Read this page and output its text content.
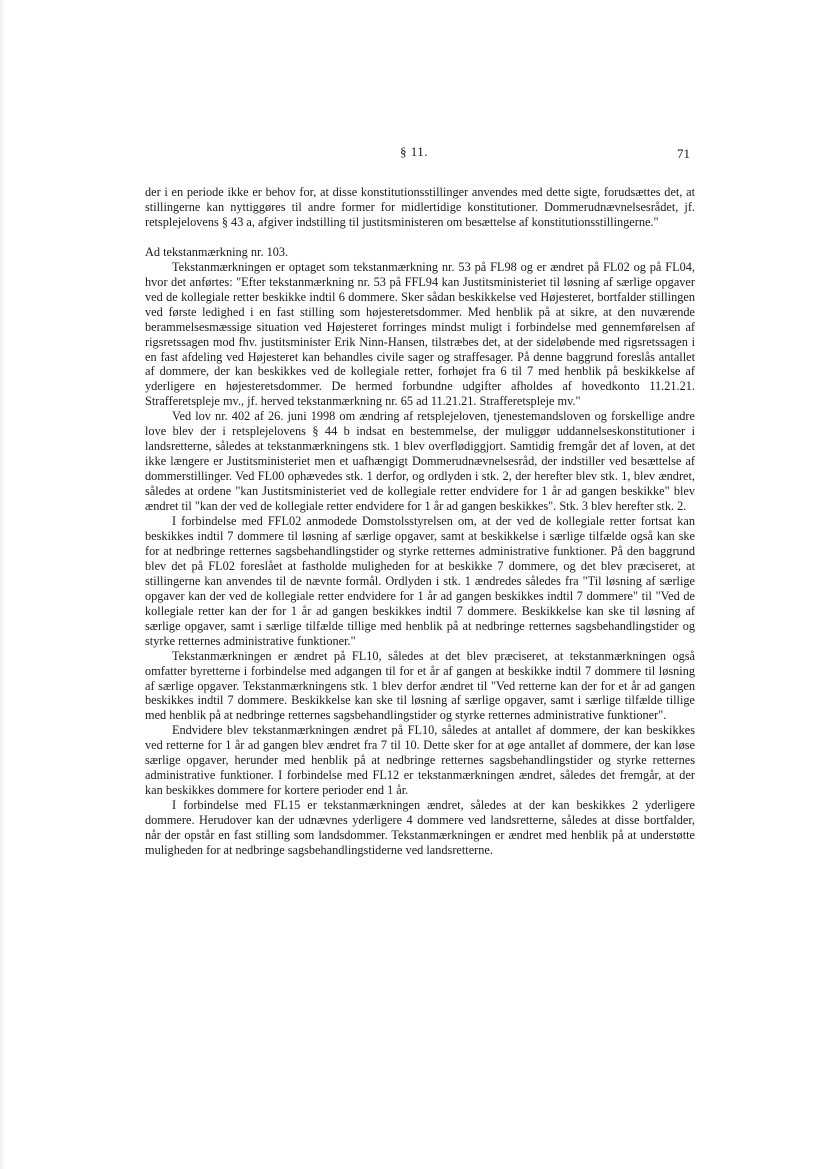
§ 11.	71

der i en periode ikke er behov for, at disse konstitutionsstillinger anvendes med dette sigte, forudsættes det, at stillingerne kan nyttiggøres til andre former for midlertidige konstitutioner. Dommerudnævnelsesrådet, jf. retsplejelovens § 43 a, afgiver indstilling til justitsministeren om besættelse af konstitutionsstillingerne."

Ad tekstanmærkning nr. 103.

Tekstanmærkningen er optaget som tekstanmærkning nr. 53 på FL98 og er ændret på FL02 og på FL04, hvor det anførtes: "Efter tekstanmærkning nr. 53 på FFL94 kan Justitsministeriet til løsning af særlige opgaver ved de kollegiale retter beskikke indtil 6 dommere. Sker sådan beskikkelse ved Højesteret, bortfalder stillingen ved første ledighed i en fast stilling som højesteretsdommer. Med henblik på at sikre, at den nuværende berammelsesmæssige situation ved Højesteret forringes mindst muligt i forbindelse med gennemførelsen af rigsretssagen mod fhv. justitsminister Erik Ninn-Hansen, tilstræbes det, at der sideløbende med rigsretssagen i en fast afdeling ved Højesteret kan behandles civile sager og straffesager. På denne baggrund foreslås antallet af dommere, der kan beskikkes ved de kollegiale retter, forhøjet fra 6 til 7 med henblik på beskikkelse af yderligere en højesteretsdommer. De hermed forbundne udgifter afholdes af hovedkonto 11.21.21. Strafferetspleje mv., jf. herved tekstanmærkning nr. 65 ad 11.21.21. Strafferetspleje mv."

Ved lov nr. 402 af 26. juni 1998 om ændring af retsplejeloven, tjenestemandsloven og forskellige andre love blev der i retsplejelovens § 44 b indsat en bestemmelse, der muliggør uddannelseskonstitutioner i landsretterne, således at tekstanmærkningens stk. 1 blev overflødiggjort. Samtidig fremgår det af loven, at det ikke længere er Justitsministeriet men et uafhængigt Dommerudnævnelsesråd, der indstiller ved besættelse af dommerstillinger. Ved FL00 ophævedes stk. 1 derfor, og ordlyden i stk. 2, der herefter blev stk. 1, blev ændret, således at ordene "kan Justitsministeriet ved de kollegiale retter endvidere for 1 år ad gangen beskikke" blev ændret til "kan der ved de kollegiale retter endvidere for 1 år ad gangen beskikkes". Stk. 3 blev herefter stk. 2.

I forbindelse med FFL02 anmodede Domstolsstyrelsen om, at der ved de kollegiale retter fortsat kan beskikkes indtil 7 dommere til løsning af særlige opgaver, samt at beskikkelse i særlige tilfælde også kan ske for at nedbringe retternes sagsbehandlingstider og styrke retternes administrative funktioner. På den baggrund blev det på FL02 foreslået at fastholde muligheden for at beskikke 7 dommere, og det blev præciseret, at stillingerne kan anvendes til de nævnte formål. Ordlyden i stk. 1 ændredes således fra "Til løsning af særlige opgaver kan der ved de kollegiale retter endvidere for 1 år ad gangen beskikkes indtil 7 dommere" til "Ved de kollegiale retter kan der for 1 år ad gangen beskikkes indtil 7 dommere. Beskikkelse kan ske til løsning af særlige opgaver, samt i særlige tilfælde tillige med henblik på at nedbringe retternes sagsbehandlingstider og styrke retternes administrative funktioner."

Tekstanmærkningen er ændret på FL10, således at det blev præciseret, at tekstanmærkningen også omfatter byretterne i forbindelse med adgangen til for et år af gangen at beskikke indtil 7 dommere til løsning af særlige opgaver. Tekstanmærkningens stk. 1 blev derfor ændret til "Ved retterne kan der for et år ad gangen beskikkes indtil 7 dommere. Beskikkelse kan ske til løsning af særlige opgaver, samt i særlige tilfælde tillige med henblik på at nedbringe retternes sagsbehandlingstider og styrke retternes administrative funktioner".

Endvidere blev tekstanmærkningen ændret på FL10, således at antallet af dommere, der kan beskikkes ved retterne for 1 år ad gangen blev ændret fra 7 til 10. Dette sker for at øge antallet af dommere, der kan løse særlige opgaver, herunder med henblik på at nedbringe retternes sagsbehandlingstider og styrke retternes administrative funktioner. I forbindelse med FL12 er tekstanmærkningen ændret, således det fremgår, at der kan beskikkes dommere for kortere perioder end 1 år.

I forbindelse med FL15 er tekstanmærkningen ændret, således at der kan beskikkes 2 yderligere dommere. Herudover kan der udnævnes yderligere 4 dommere ved landsretterne, således at disse bortfalder, når der opstår en fast stilling som landsdommer. Tekstanmærkningen er ændret med henblik på at understøtte muligheden for at nedbringe sagsbehandlingstiderne ved landsretterne.
